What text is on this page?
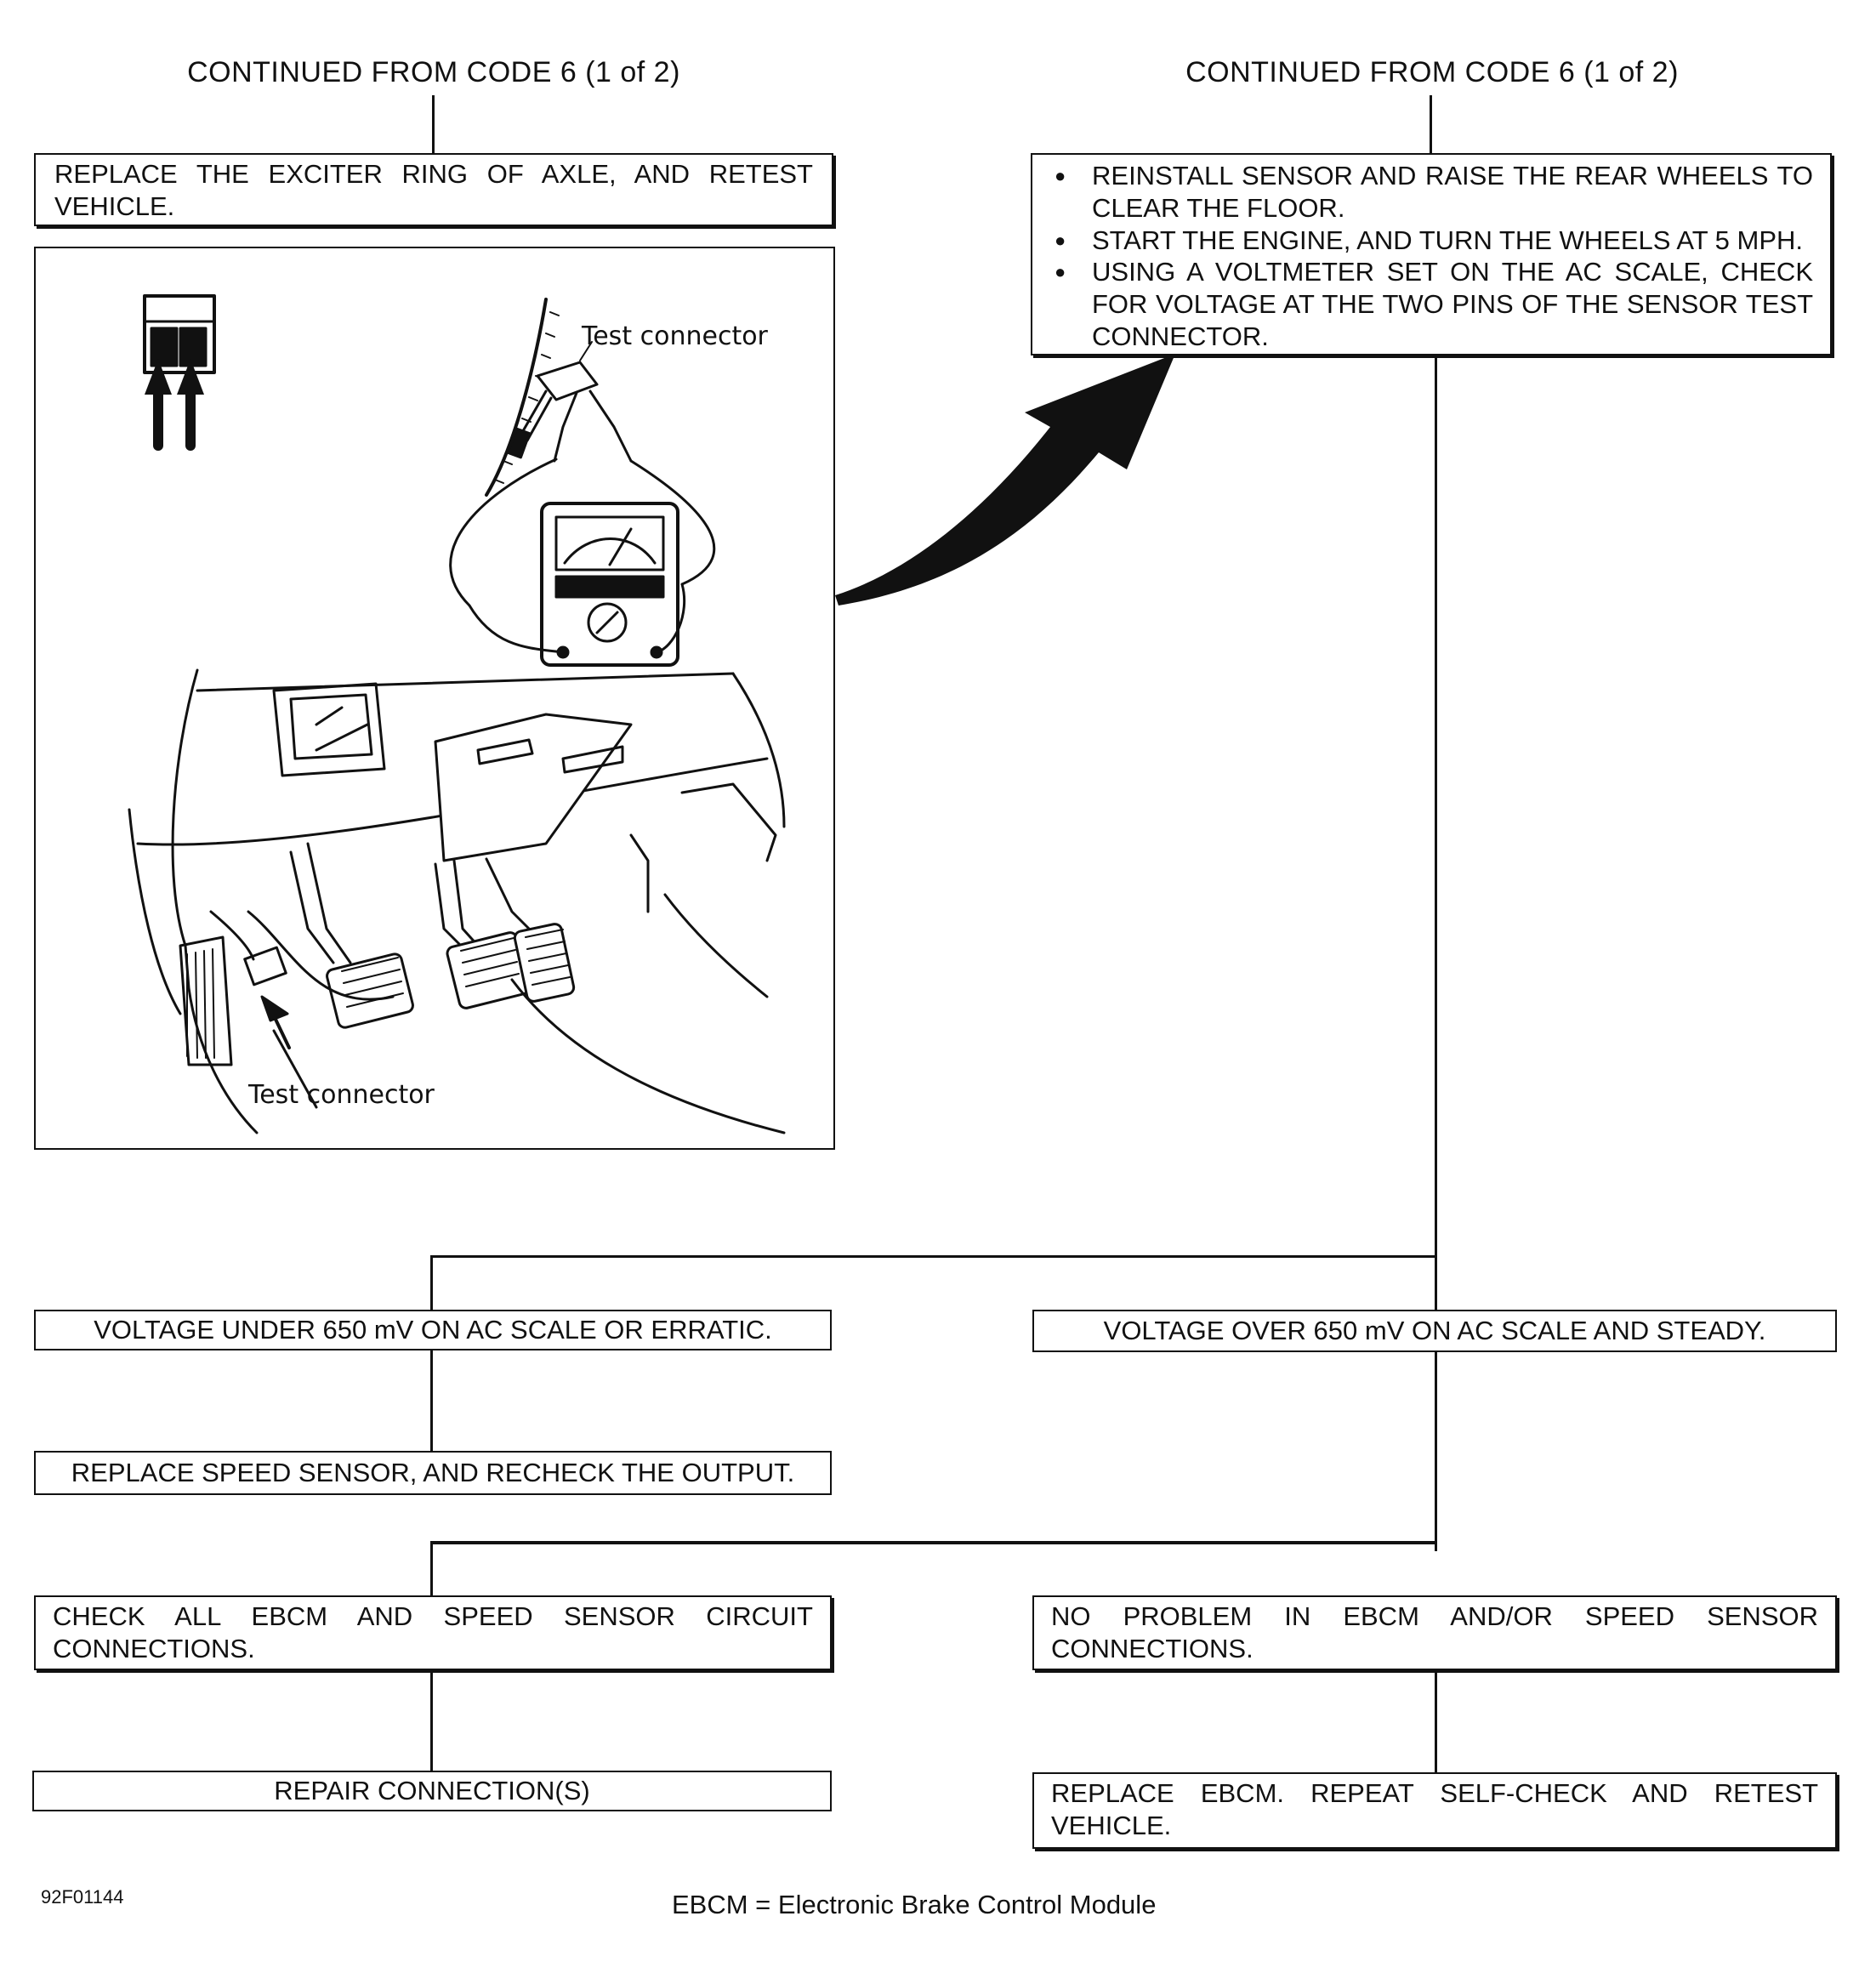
CONTINUED FROM CODE 6 (1 of 2)	CONTINUED FROM CODE 6 (1 of 2)
REPLACE THE EXCITER RING OF AXLE, AND RETEST VEHICLE.
● REINSTALL SENSOR AND RAISE THE REAR WHEELS TO CLEAR THE FLOOR.
● START THE ENGINE, AND TURN THE WHEELS AT 5 MPH.
● USING A VOLTMETER SET ON THE AC SCALE, CHECK FOR VOLTAGE AT THE TWO PINS OF THE SENSOR TEST CONNECTOR.
VOLTAGE UNDER 650 mV ON AC SCALE OR ERRATIC.	VOLTAGE OVER 650 mV ON AC SCALE AND STEADY.
REPLACE SPEED SENSOR, AND RECHECK THE OUTPUT.
CHECK ALL EBCM AND SPEED SENSOR CIRCUIT CONNECTIONS.
NO PROBLEM IN EBCM AND/OR SPEED SENSOR CONNECTIONS.
REPAIR CONNECTION(S)	REPLACE EBCM. REPEAT SELF-CHECK AND RETEST VEHICLE.
Test connector
Test connector
92F01144	EBCM = Electronic Brake Control Module
